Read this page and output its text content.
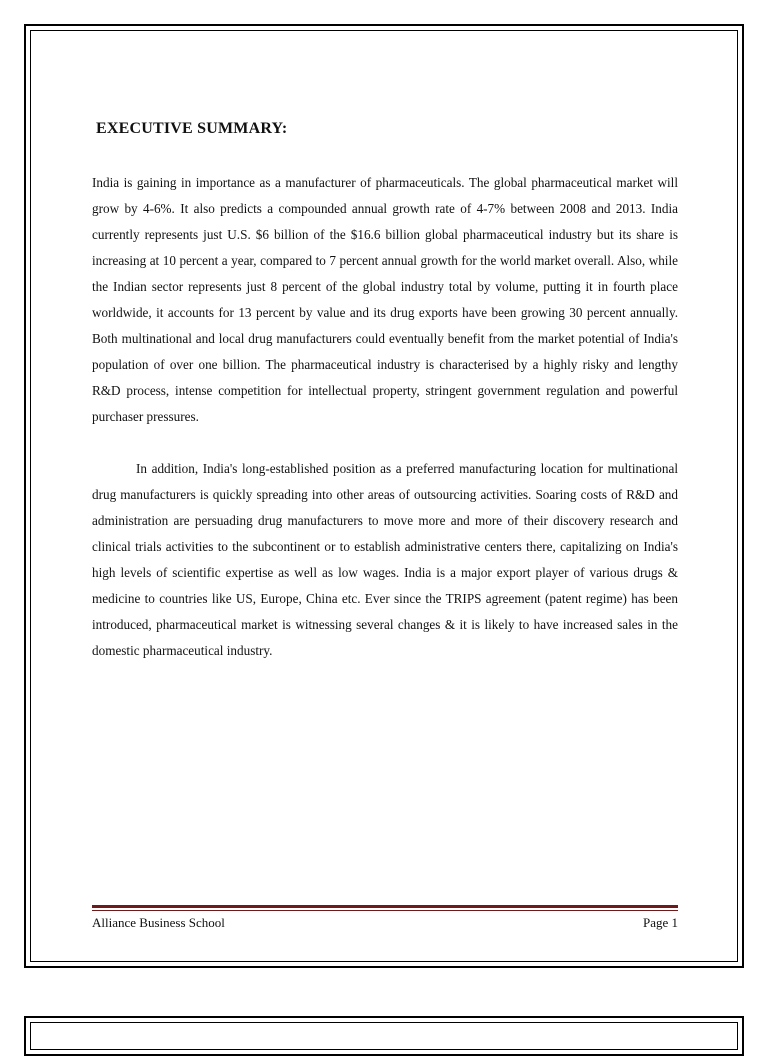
EXECUTIVE SUMMARY:

India is gaining in importance as a manufacturer of pharmaceuticals. The global pharmaceutical market will grow by 4-6%. It also predicts a compounded annual growth rate of 4-7% between 2008 and 2013. India currently represents just U.S. $6 billion of the $16.6 billion global pharmaceutical industry but its share is increasing at 10 percent a year, compared to 7 percent annual growth for the world market overall. Also, while the Indian sector represents just 8 percent of the global industry total by volume, putting it in fourth place worldwide, it accounts for 13 percent by value and its drug exports have been growing 30 percent annually. Both multinational and local drug manufacturers could eventually benefit from the market potential of India's population of over one billion. The pharmaceutical industry is characterised by a highly risky and lengthy R&D process, intense competition for intellectual property, stringent government regulation and powerful purchaser pressures.

In addition, India's long-established position as a preferred manufacturing location for multinational drug manufacturers is quickly spreading into other areas of outsourcing activities. Soaring costs of R&D and administration are persuading drug manufacturers to move more and more of their discovery research and clinical trials activities to the subcontinent or to establish administrative centers there, capitalizing on India's high levels of scientific expertise as well as low wages. India is a major export player of various drugs & medicine to countries like US, Europe, China etc. Ever since the TRIPS agreement (patent regime) has been introduced, pharmaceutical market is witnessing several changes & it is likely to have increased sales in the domestic pharmaceutical industry.

Alliance Business School	Page 1
